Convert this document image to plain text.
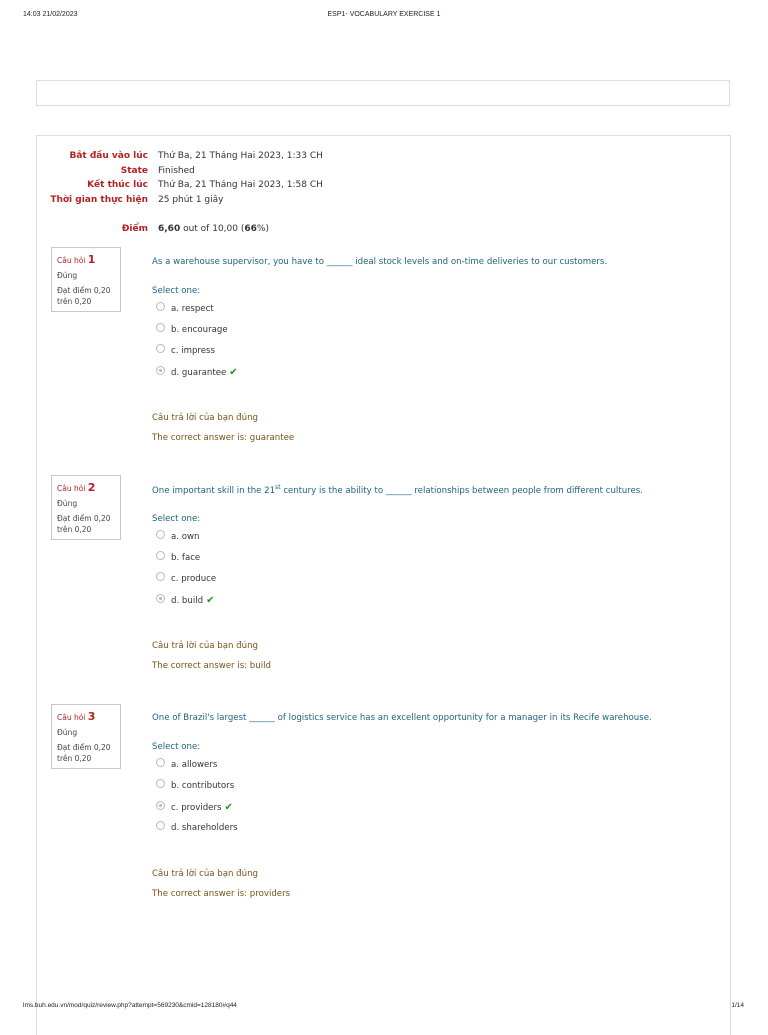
14:03 21/02/2023	ESP1- VOCABULARY EXERCISE 1
Bắt đầu vào lúc Thứ Ba, 21 Tháng Hai 2023, 1:33 CH
State Finished
Kết thúc lúc Thứ Ba, 21 Tháng Hai 2023, 1:58 CH
Thời gian thực hiện 25 phút 1 giây
Điểm 6,60 out of 10,00 (66%)
Câu hỏi 1
Đúng
Đạt điểm 0,20 trên 0,20
As a warehouse supervisor, you have to ______ ideal stock levels and on-time deliveries to our customers.
Select one:
a. respect
b. encourage
c. impress
d. guarantee ✔
Câu trả lời của bạn đúng
The correct answer is: guarantee
Câu hỏi 2
Đúng
Đạt điểm 0,20 trên 0,20
One important skill in the 21st century is the ability to ______ relationships between people from different cultures.
Select one:
a. own
b. face
c. produce
d. build ✔
Câu trả lời của bạn đúng
The correct answer is: build
Câu hỏi 3
Đúng
Đạt điểm 0,20 trên 0,20
One of Brazil's largest ______ of logistics service has an excellent opportunity for a manager in its Recife warehouse.
Select one:
a. allowers
b. contributors
c. providers ✔
d. shareholders
Câu trả lời của bạn đúng
The correct answer is: providers
lms.buh.edu.vn/mod/quiz/review.php?attempt=569230&cmid=128180#q44	1/14
